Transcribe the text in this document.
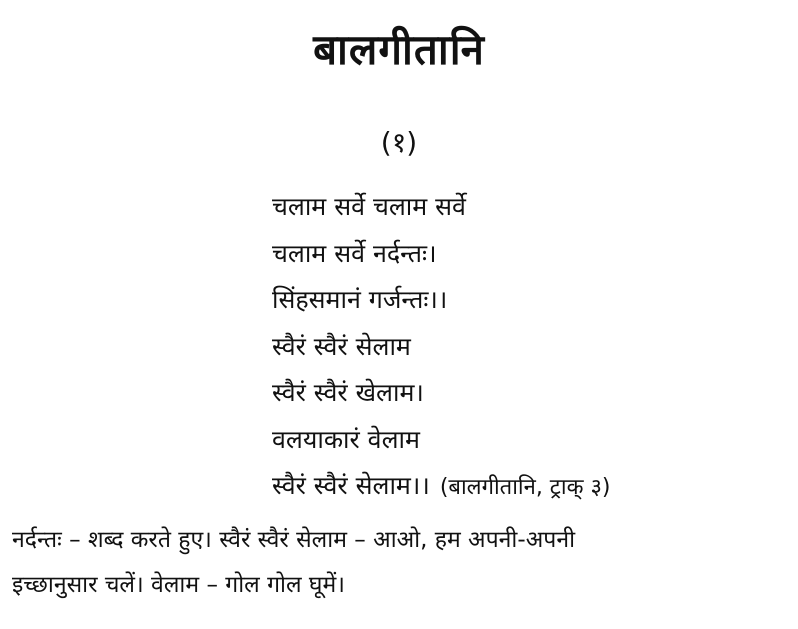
बालगीतानि
(१)
चलाम सर्वे चलाम सर्वे
चलाम सर्वे नर्दन्तः।
सिंहसमानं गर्जन्तः।।
स्वैरं स्वैरं सेलाम
स्वैरं स्वैरं खेलाम।
वलयाकारं वेलाम
स्वैरं स्वैरं सेलाम।। (बालगीतानि, ट्राक् ३)

नर्दन्तः – शब्द करते हुए। स्वैरं स्वैरं सेलाम – आओ, हम अपनी-अपनी
इच्छानुसार चलें। वेलाम – गोल गोल घूमें।
